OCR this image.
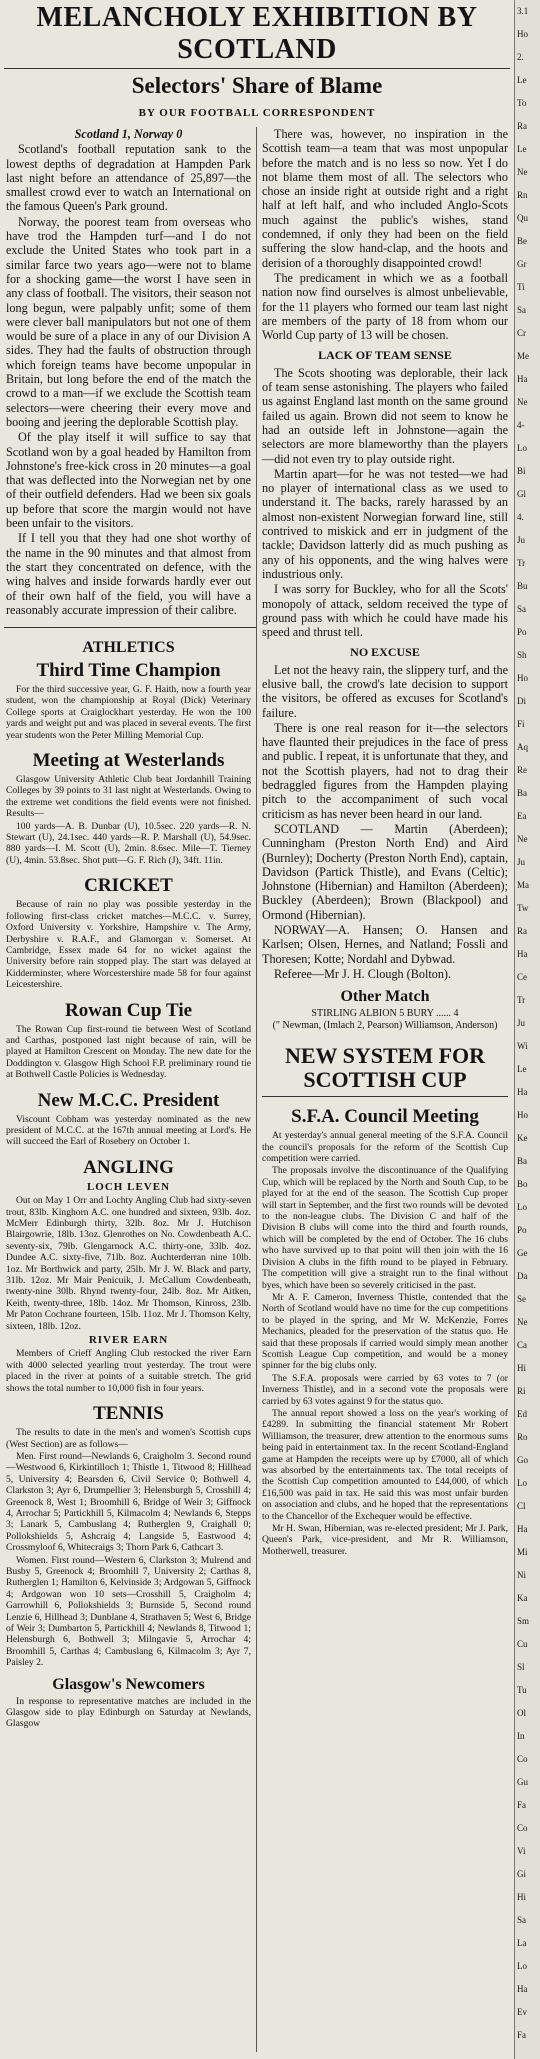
MELANCHOLY EXHIBITION BY SCOTLAND
Selectors' Share of Blame
BY OUR FOOTBALL CORRESPONDENT

Scotland 1, Norway 0

Scotland's football reputation sank to the lowest depths of degradation at Hampden Park last night before an attendance of 25,897—the smallest crowd ever to watch an International on the famous Queen's Park ground.

Norway, the poorest team from overseas who have trod the Hampden turf—and I do not exclude the United States who took part in a similar farce two years ago—were not to blame for a shocking game—the worst I have seen in any class of football. The visitors, their season not long begun, were palpably unfit; some of them were clever ball manipulators but not one of them would be sure of a place in any of our Division A sides. They had the faults of obstruction through which foreign teams have become unpopular in Britain, but long before the end of the match the crowd to a man—if we exclude the Scottish team selectors—were cheering their every move and booing and jeering the deplorable Scottish play.

Of the play itself it will suffice to say that Scotland won by a goal headed by Hamilton from Johnstone's free-kick cross in 20 minutes—a goal that was deflected into the Norwegian net by one of their outfield defenders. Had we been six goals up before that score the margin would not have been unfair to the visitors.

If I tell you that they had one shot worthy of the name in the 90 minutes and that almost from the start they concentrated on defence, with the wing halves and inside forwards hardly ever out of their own half of the field, you will have a reasonably accurate impression of their calibre.

There was, however, no inspiration in the Scottish team—a team that was most unpopular before the match and is no less so now. Yet I do not blame them most of all. The selectors who chose an inside right at outside right and a right half at left half, and who included Anglo-Scots much against the public's wishes, stand condemned, if only they had been on the field suffering the slow hand-clap, and the hoots and derision of a thoroughly disappointed crowd!

The predicament in which we as a football nation now find ourselves is almost unbelievable, for the 11 players who formed our team last night are members of the party of 18 from whom our World Cup party of 13 will be chosen.

LACK OF TEAM SENSE

The Scots shooting was deplorable, their lack of team sense astonishing. The players who failed us against England last month on the same ground failed us again. Brown did not seem to know he had an outside left in Johnstone—again the selectors are more blameworthy than the players—did not even try to play outside right.

Martin apart—for he was not tested—we had no player of international class as we used to understand it. The backs, rarely harassed by an almost non-existent Norwegian forward line, still contrived to miskick and err in judgment of the tackle; Davidson latterly did as much pushing as any of his opponents, and the wing halves were industrious only.

I was sorry for Buckley, who for all the Scots' monopoly of attack, seldom received the type of ground pass with which he could have made his speed and thrust tell.

NO EXCUSE

Let not the heavy rain, the slippery turf, and the elusive ball, the crowd's late decision to support the visitors, be offered as excuses for Scotland's failure.

There is one real reason for it—the selectors have flaunted their prejudices in the face of press and public. I repeat, it is unfortunate that they, and not the Scottish players, had not to drag their bedraggled figures from the Hampden playing pitch to the accompaniment of such vocal criticism as has never been heard in our land.

SCOTLAND — Martin (Aberdeen); Cunningham (Preston North End) and Aird (Burnley); Docherty (Preston North End), captain, Davidson (Partick Thistle), and Evans (Celtic); Johnstone (Hibernian) and Hamilton (Aberdeen); Buckley (Aberdeen); Brown (Blackpool) and Ormond (Hibernian).

NORWAY—A. Hansen; O. Hansen and Karlsen; Olsen, Hernes, and Natland; Fossli and Thoresen; Kotte; Nordahl and Dybwad.

Referee—Mr J. H. Clough (Bolton).

Other Match
STIRLING ALBION 5 BURY ...... 4
(" Newman, (Imlach 2, Pearson) Williamson, Anderson)
NEW SYSTEM FOR SCOTTISH CUP
S.F.A. Council Meeting

At yesterday's annual general meeting of the S.F.A. Council the council's proposals for the reform of the Scottish Cup competition were carried.

The proposals involve the discontinuance of the Qualifying Cup, which will be replaced by the North and South Cup, to be played for at the end of the season. The Scottish Cup proper will start in September, and the first two rounds will be devoted to the non-league clubs. The Division C and half of the Division B clubs will come into the third and fourth rounds, which will be completed by the end of October. The 16 clubs who have survived up to that point will then join with the 16 Division A clubs in the fifth round to be played in February. The competition will give a straight run to the final without byes, which have been so severely criticised in the past.

Mr A. F. Cameron, Inverness Thistle, contended that the North of Scotland would have no time for the cup competitions to be played in the spring, and Mr W. McKenzie, Forres Mechanics, pleaded for the preservation of the status quo. He said that these proposals if carried would simply mean another Scottish League Cup competition, and would be a money spinner for the big clubs only.

The S.F.A. proposals were carried by 63 votes to 7 (or Inverness Thistle), and in a second vote the proposals were carried by 63 votes against 9 for the status quo.

The annual report showed a loss on the year's working of £4289. In submitting the financial statement Mr Robert Williamson, the treasurer, drew attention to the enormous sums being paid in entertainment tax. In the recent Scotland-England game at Hampden the receipts were up by £7000, all of which was absorbed by the entertainments tax. The total receipts of the Scottish Cup competition amounted to £44,000, of which £16,500 was paid in tax. He said this was most unfair burden on association and clubs, and he hoped that the representations to the Chancellor of the Exchequer would be effective.

Mr H. Swan, Hibernian, was re-elected president; Mr J. Park, Queen's Park, vice-president, and Mr R. Williamson, Motherwell, treasurer.

ATHLETICS
Third Time Champion

For the third successive year, G. F. Haith, now a fourth year student, won the championship at Royal (Dick) Veterinary College sports at Craiglockhart yesterday. He won the 100 yards and weight put and was placed in several events. The first year students won the Peter Milling Memorial Cup.

Meeting at Westerlands

Glasgow University Athletic Club beat Jordanhill Training Colleges by 39 points to 31 last night at Westerlands. Owing to the extreme wet conditions the field events were not finished. Results—

100 yards—A. B. Dunbar (U), 10.5sec. 220 yards—R. N. Stewart (U), 24.1sec. 440 yards—R. P. Marshall (U), 54.9sec. 880 yards—I. M. Scott (U), 2min. 8.6sec. Mile—T. Tierney (U), 4min. 53.8sec. Shot putt—G. F. Rich (J), 34ft. 11in.

CRICKET

Because of rain no play was possible yesterday in the following first-class cricket matches—M.C.C. v. Surrey, Oxford University v. Yorkshire, Hampshire v. The Army, Derbyshire v. R.A.F., and Glamorgan v. Somerset. At Cambridge, Essex made 64 for no wicket against the University before rain stopped play. The start was delayed at Kidderminster, where Worcestershire made 58 for four against Leicestershire.

Rowan Cup Tie

The Rowan Cup first-round tie between West of Scotland and Carthas, postponed last night because of rain, will be played at Hamilton Crescent on Monday. The new date for the Doddington v. Glasgow High School F.P. preliminary round tie at Bothwell Castle Policies is Wednesday.

New M.C.C. President

Viscount Cobham was yesterday nominated as the new president of M.C.C. at the 167th annual meeting at Lord's. He will succeed the Earl of Rosebery on October 1.

ANGLING
LOCH LEVEN

Out on May 1 Orr and Lochty Angling Club had sixty-seven trout, 83lb. Kinghorn A.C. one hundred and sixteen, 93lb. 4oz. McMerr Edinburgh thirty, 32lb. 8oz. Mr J. Hutchison Blairgowrie, 18lb. 13oz. Glenrothes on No. Cowdenbeath A.C. seventy-six, 79lb. Glengarnock A.C. thirty-one, 33lb. 4oz. Dundee A.C. sixty-five, 71lb. 8oz. Auchterderran nine 10lb. 1oz. Mr Borthwick and party, 25lb. Mr J. W. Black and party, 31lb. 12oz. Mr Mair Penicuik, J. McCallum Cowdenbeath, twenty-nine 30lb. Rhynd twenty-four, 24lb. 8oz. Mr Aitken, Keith, twenty-three, 18lb. 14oz. Mr Thomson, Kinross, 23lb. Mr Paton Cochrane fourteen, 15lb. 11oz. Mr J. Thomson Kelty, sixteen, 18lb. 12oz.

RIVER EARN

Members of Crieff Angling Club restocked the river Earn with 4000 selected yearling trout yesterday. The trout were placed in the river at points of a suitable stretch. The grid shows the total number to 10,000 fish in four years.

TENNIS

The results to date in the men's and women's Scottish cups (West Section) are as follows—

Men. First round—Newlands 6, Craigholm 3. Second round—Westwood 6, Kirkintilloch 1; Thistle 1, Titwood 8; Hillhead 5, University 4; Bearsden 6, Civil Service 0; Bothwell 4, Clarkston 3; Ayr 6, Drumpellier 3; Helensburgh 5, Crosshill 4; Greenock 8, West 1; Broomhill 6, Bridge of Weir 3; Giffnock 4, Arrochar 5; Partickhill 5, Kilmacolm 4; Newlands 6, Stepps 3; Lanark 5, Cambuslang 4; Rutherglen 9, Craighall 0; Pollokshields 5, Ashcraig 4; Langside 5, Eastwood 4; Crossmyloof 6, Whitecraigs 3; Thorn Park 6, Cathcart 3.

Women. First round—Western 6, Clarkston 3; Mulrend and Busby 5, Greenock 4; Broomhill 7, University 2; Carthas 8, Rutherglen 1; Hamilton 6, Kelvinside 3; Ardgowan 5, Giffnock 4; Ardgowan won 10 sets—Crosshill 5, Craigholm 4; Garrowhill 6, Pollokshields 3; Burnside 5, Second round Lenzie 6, Hillhead 3; Dunblane 4, Strathaven 5; West 6, Bridge of Weir 3; Dumbarton 5, Partickhill 4; Newlands 8, Titwood 1; Helensburgh 6, Bothwell 3; Milngavie 5, Arrochar 4; Broomhill 5, Carthas 4; Cambuslang 6, Kilmacolm 3; Ayr 7, Paisley 2.

Glasgow's Newcomers

In response to representative matches are included in the Glasgow side to play Edinburgh on Saturday at Newlands, Glasgow

3.1
Ho
2.
Le
To
Ra
Le
Ne
Rn
Qu
Be
Gr
Ti
Sa
Cr
Me
Ha
Ne
4-
Lo
Bi
Gl
4.
Ju
Tr
Bu
Sa
Po
Sh
Ho
Di
Fi
Aq
Re
Ba
Ea
Ne
Ju
Ma
Tw
Ra
Ha
Ce
Tr
Ju
Wi
Le
Ha
Ho
Ke
Ba
Bo
Lo
Po
Ge
Da
Se
Ne
Ca
Hi
Ri
Ed
Ro
Go
Lo
Cl
Ha
Mi
Ni
Ka
Sm
Cu
Sl
Tu
Ol
In
Co
Gu
Fa
Co
Vi
Gi
Hi
Sa
La
Lo
Ha
Ev
Fa
